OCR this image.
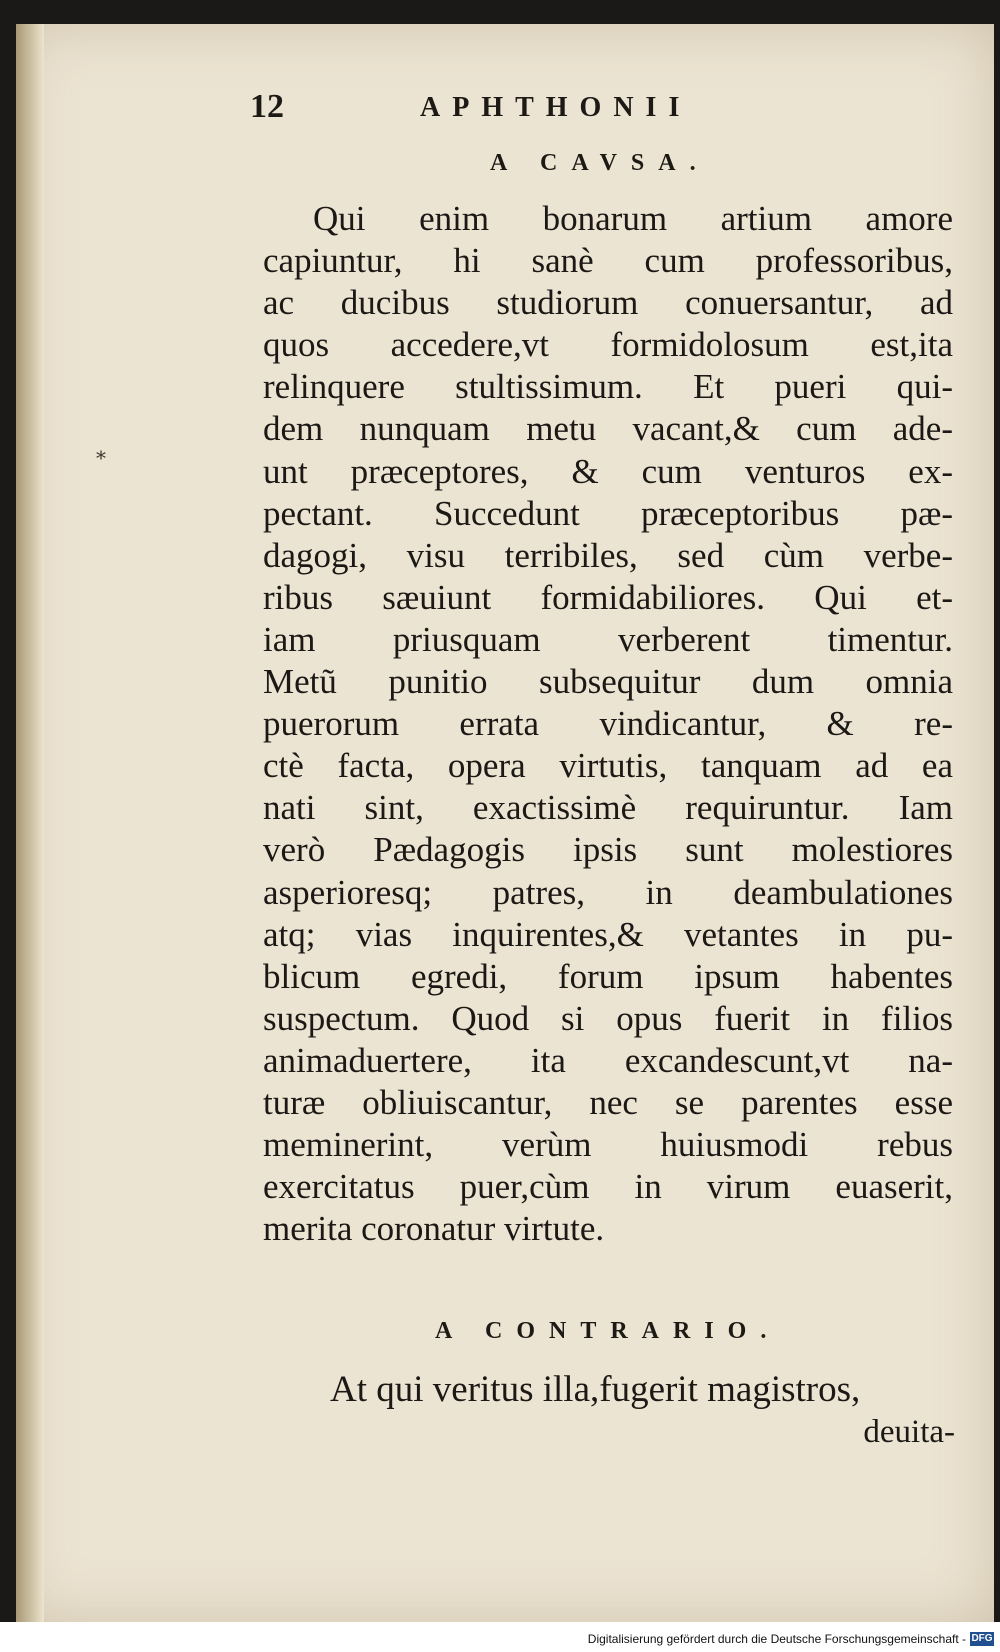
12	APHTHONII
A CAVSA.
*
Qui enim bonarum artium amore
capiuntur, hi sanè cum professoribus,
ac ducibus studiorum conuersantur, ad
quos accedere,vt formidolosum est,ita
relinquere stultissimum. Et pueri qui-
dem nunquam metu vacant,& cum ade-
unt præceptores, & cum venturos ex-
pectant. Succedunt præceptoribus pæ-
dagogi, visu terribiles, sed cùm verbe-
ribus sæuiunt formidabiliores. Qui et-
iam priusquam verberent timentur.
Metũ punitio subsequitur dum omnia
puerorum errata vindicantur, & re-
ctè facta, opera virtutis, tanquam ad ea
nati sint, exactissimè requiruntur. Iam
verò Pædagogis ipsis sunt molestiores
asperioresq; patres, in deambulationes
atq; vias inquirentes,& vetantes in pu-
blicum egredi, forum ipsum habentes
suspectum. Quod si opus fuerit in filios
animaduertere, ita excandescunt,vt na-
turæ obliuiscantur, nec se parentes esse
meminerint, verùm huiusmodi rebus
exercitatus puer,cùm in virum euaserit,
merita coronatur virtute.
A CONTRARIO.
At qui veritus illa,fugerit magistros,
deuita-
Digitalisierung gefördert durch die Deutsche Forschungsgemeinschaft - DFG
